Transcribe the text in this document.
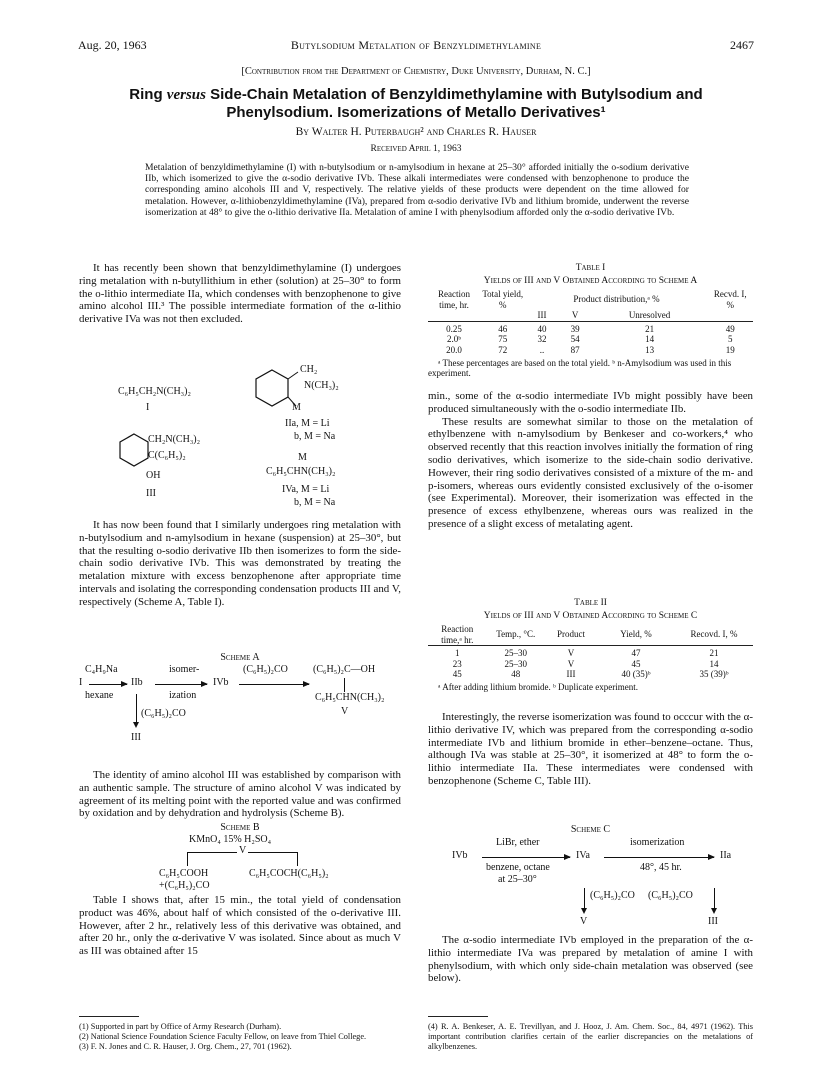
Aug. 20, 1963	Butylsodium Metalation of Benzyldimethylamine	2467
[Contribution from the Department of Chemistry, Duke University, Durham, N. C.]
Ring versus Side-Chain Metalation of Benzyldimethylamine with Butylsodium and
Phenylsodium. Isomerizations of Metallo Derivatives¹
By Walter H. Puterbaugh² and Charles R. Hauser
Received April 1, 1963
Metalation of benzyldimethylamine (I) with n-butylsodium or n-amylsodium in hexane at 25–30° afforded initially the o-sodium derivative IIb, which isomerized to give the α-sodio derivative IVb. These alkali intermediates were condensed with benzophenone to produce the corresponding amino alcohols III and V, respectively. The relative yields of these products were dependent on the time allowed for metalation. However, α-lithiobenzyldimethylamine (IVa), prepared from α-sodio derivative IVb and lithium bromide, underwent the reverse isomerization at 48° to give the o-lithio derivative IIa. Metalation of amine I with phenylsodium afforded only the α-sodio derivative IVb.

It has recently been shown that benzyldimethylamine (I) undergoes ring metalation with n-butyllithium in ether (solution) at 25–30° to form the o-lithio intermediate IIa, which condenses with benzophenone to give amino alcohol III.³ The possible intermediate formation of the α-lithio derivative IVa was not then excluded.

C₆H₅CH₂N(CH₃)₂
I
CH₂
N(CH₃)₂
M
IIa, M = Li
b, M = Na
CH₂N(CH₃)₂
C(C₆H₅)₂
OH
III
M
C₆H₅CHN(CH₃)₂
IVa, M = Li
b, M = Na

It has now been found that I similarly undergoes ring metalation with n-butylsodium and n-amylsodium in hexane (suspension) at 25–30°, but that the resulting o-sodio derivative IIb then isomerizes to form the side-chain sodio derivative IVb. This was demonstrated by treating the metalation mixture with excess benzophenone after appropriate time intervals and isolating the corresponding condensation products III and V, respectively (Scheme A, Table I).

Scheme A
C₄H₉Na
I
hexane
IIb
isomer-
ization
IVb
(C₆H₅)₂CO	(C₆H₅)₂C—OH
C₆H₅CHN(CH₃)₂
V
(C₆H₅)₂CO
III

The identity of amino alcohol III was established by comparison with an authentic sample. The structure of amino alcohol V was indicated by agreement of its melting point with the reported value and was confirmed by oxidation and by dehydration and hydrolysis (Scheme B).

Scheme B
KMnO₄ 15% H₂SO₄
V
C₆H₅COOH
+(C₆H₅)₂CO
C₆H₅COCH(C₆H₅)₂

Table I shows that, after 15 min., the total yield of condensation product was 46%, about half of which consisted of the o-derivative III. However, after 2 hr., relatively less of this derivative was obtained, and after 20 hr., only the α-derivative V was isolated. Since about as much V as III was obtained after 15

(1) Supported in part by Office of Army Research (Durham).
(2) National Science Foundation Science Faculty Fellow, on leave from Thiel College.
(3) F. N. Jones and C. R. Hauser, J. Org. Chem., 27, 701 (1962).
Table I
Yields of III and V Obtained According to Scheme A
Reaction time, hr.	Total yield, %	Product distribution,ᵃ %			Recvd. I, %
		III	V	Unresolved	

0.25	46	40	39	21	49
2.0ᵇ	75	32	54	14	5
20.0	72	..	87	13	19
ᵃ These percentages are based on the total yield. ᵇ n-Amylsodium was used in this experiment.

min., some of the α-sodio intermediate IVb might possibly have been produced simultaneously with the o-sodio intermediate IIb.

These results are somewhat similar to those on the metalation of ethylbenzene with n-amylsodium by Benkeser and co-workers,⁴ who observed recently that this reaction involves initially the formation of ring sodio derivatives, which isomerize to the side-chain sodio derivative. However, their ring sodio derivatives consisted of a mixture of the m- and p-isomers, whereas ours evidently consisted exclusively of the o-isomer (see Experimental). Moreover, their isomerization was effected in the presence of excess ethylbenzene, whereas ours was realized in the presence of a slight excess of metalating agent.

Table II
Yields of III and V Obtained According to Scheme C
Reaction time,ᵃ hr.	Temp., °C.	Product	Yield, %	Recovd. I, %

1	25–30	V	47	21
23	25–30	V	45	14
45	48	III	40 (35)ᵇ	35 (39)ᵇ
ᵃ After adding lithium bromide. ᵇ Duplicate experiment.

Interestingly, the reverse isomerization was found to occcur with the α-lithio derivative IV, which was prepared from the corresponding α-sodio intermediate IVb and lithium bromide in ether–benzene–octane. Thus, although IVa was stable at 25–30°, it isomerized at 48° to form the o-lithio intermediate IIa. These intermediates were condensed with benzophenone (Scheme C, Table III).

Scheme C
IVb
LiBr, ether
benzene, octane
at 25–30°
IVa
isomerization
48°, 45 hr.
IIa
(C₆H₅)₂CO (C₆H₅)₂CO
V	III

The α-sodio intermediate IVb employed in the preparation of the α-lithio intermediate IVa was prepared by metalation of amine I with phenylsodium, with which only side-chain metalation was observed (see below).

(4) R. A. Benkeser, A. E. Trevillyan, and J. Hooz, J. Am. Chem. Soc., 84, 4971 (1962). This important contribution clarifies certain of the earlier discrepancies on the metalations of alkylbenzenes.
